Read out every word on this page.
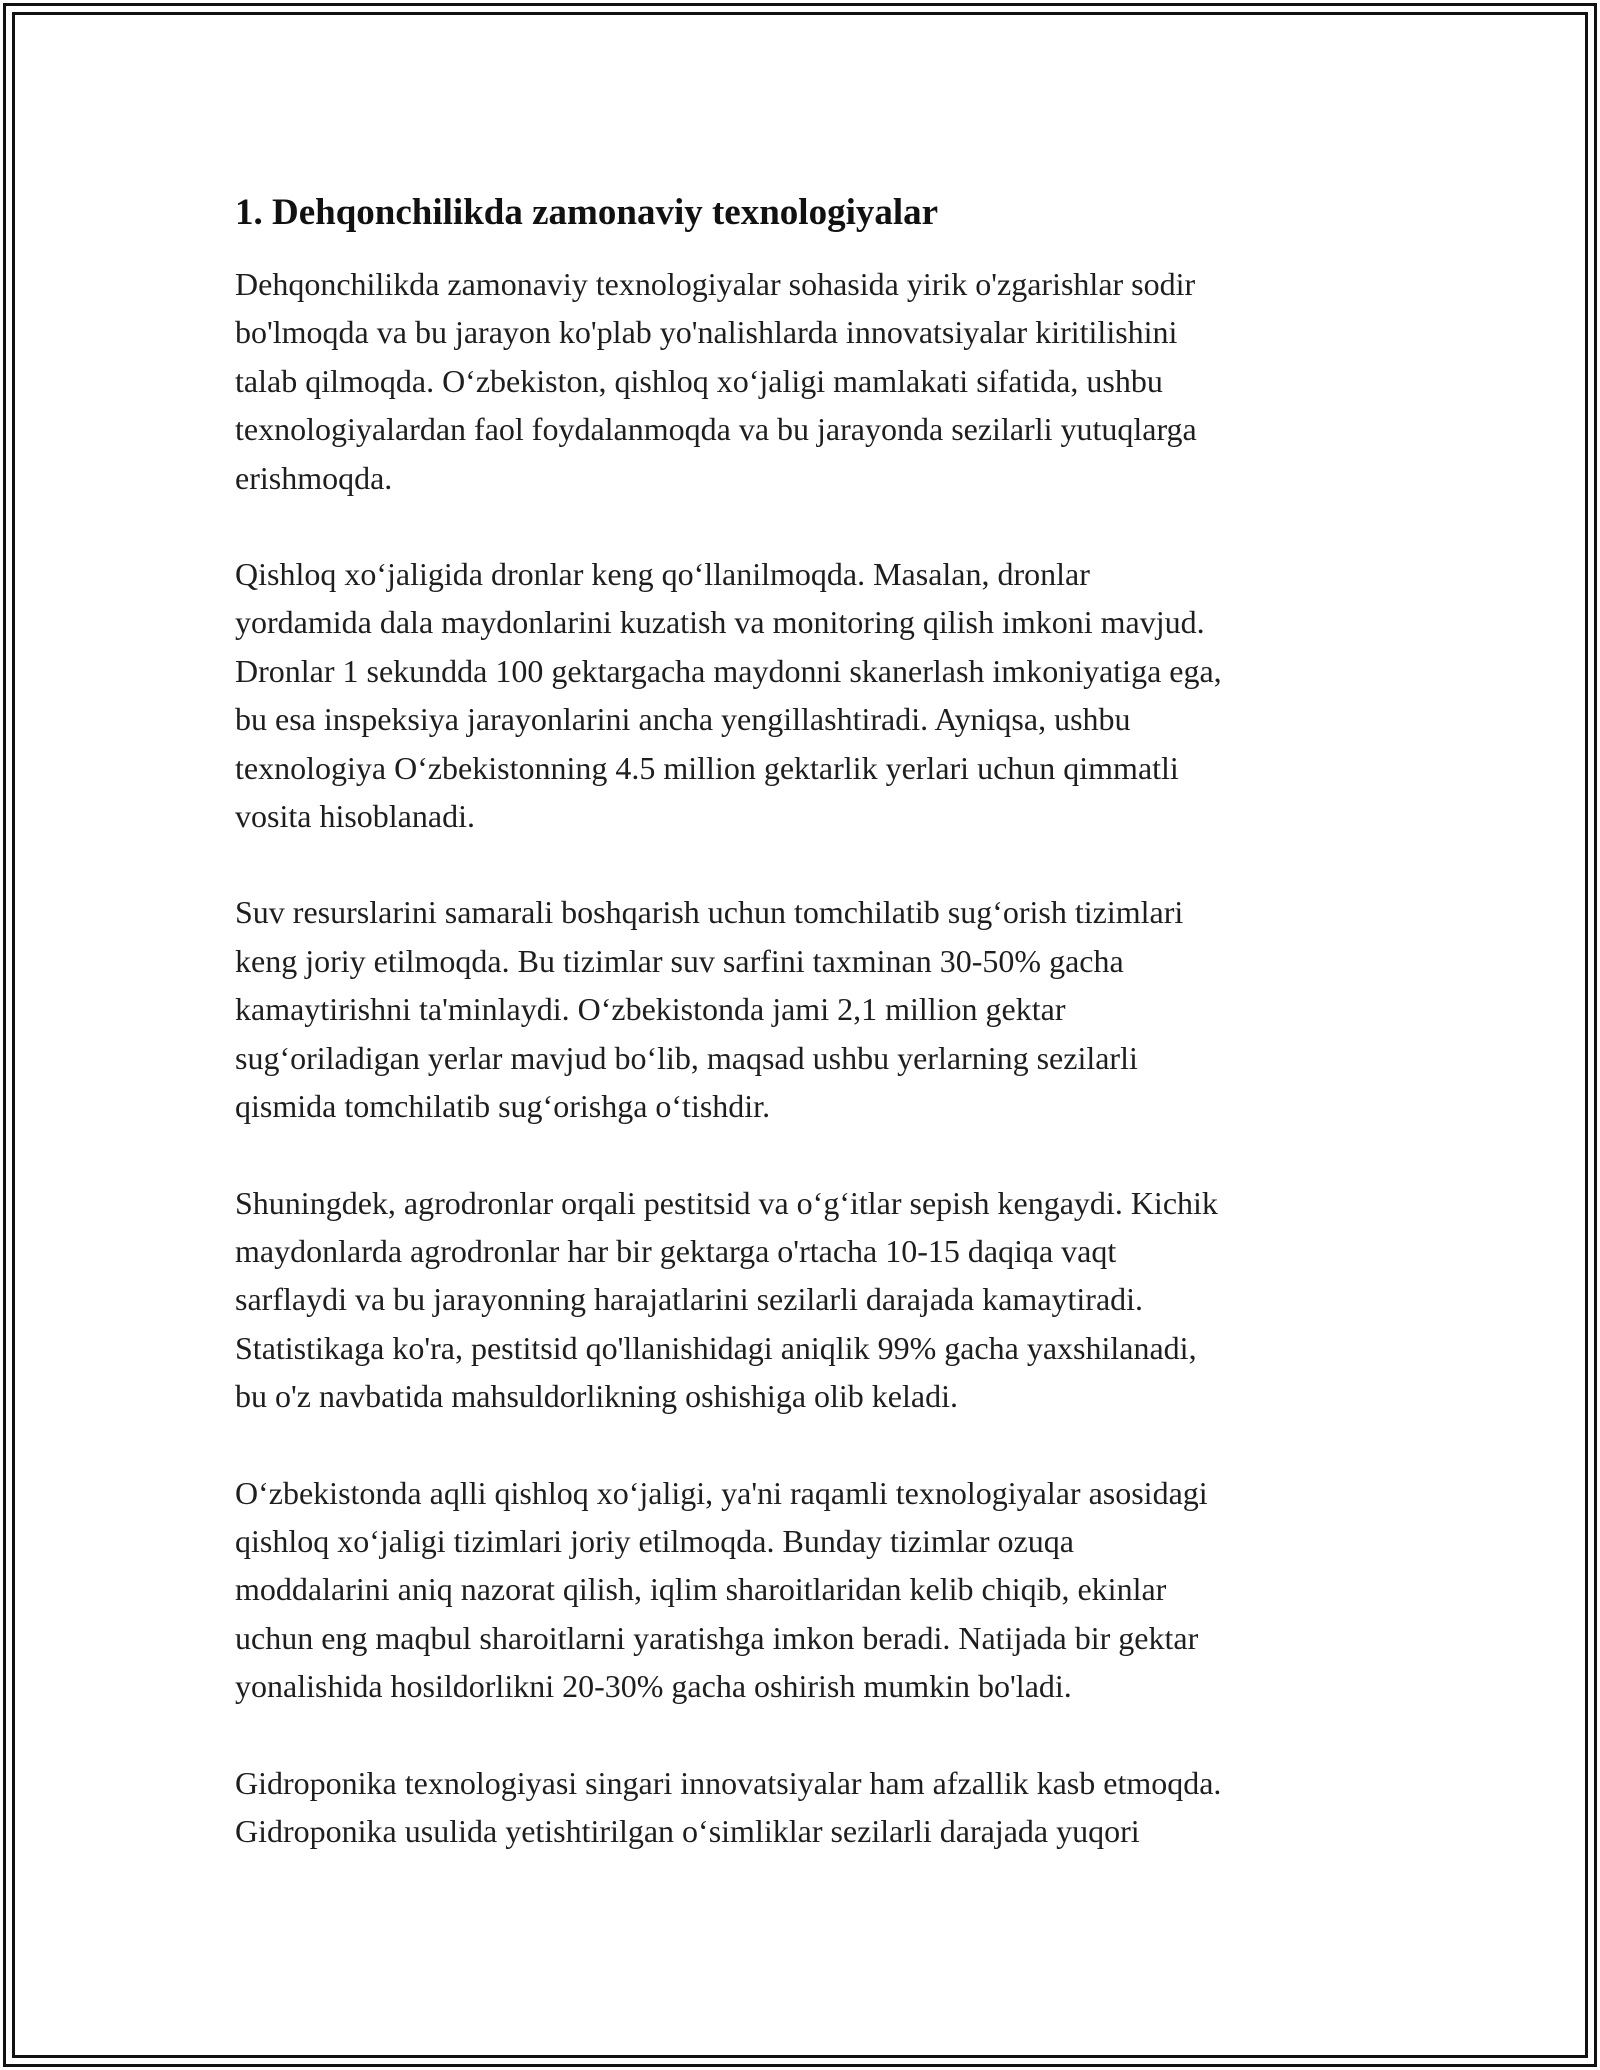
1. Dehqonchilikda zamonaviy texnologiyalar

Dehqonchilikda zamonaviy texnologiyalar sohasida yirik o'zgarishlar sodir
bo'lmoqda va bu jarayon ko'plab yo'nalishlarda innovatsiyalar kiritilishini
talab qilmoqda. O‘zbekiston, qishloq xo‘jaligi mamlakati sifatida, ushbu
texnologiyalardan faol foydalanmoqda va bu jarayonda sezilarli yutuqlarga
erishmoqda.

Qishloq xo‘jaligida dronlar keng qo‘llanilmoqda. Masalan, dronlar
yordamida dala maydonlarini kuzatish va monitoring qilish imkoni mavjud.
Dronlar 1 sekundda 100 gektargacha maydonni skanerlash imkoniyatiga ega,
bu esa inspeksiya jarayonlarini ancha yengillashtiradi. Ayniqsa, ushbu
texnologiya O‘zbekistonning 4.5 million gektarlik yerlari uchun qimmatli
vosita hisoblanadi.

Suv resurslarini samarali boshqarish uchun tomchilatib sug‘orish tizimlari
keng joriy etilmoqda. Bu tizimlar suv sarfini taxminan 30-50% gacha
kamaytirishni ta'minlaydi. O‘zbekistonda jami 2,1 million gektar
sug‘oriladigan yerlar mavjud bo‘lib, maqsad ushbu yerlarning sezilarli
qismida tomchilatib sug‘orishga o‘tishdir.

Shuningdek, agrodronlar orqali pestitsid va o‘g‘itlar sepish kengaydi. Kichik
maydonlarda agrodronlar har bir gektarga o'rtacha 10-15 daqiqa vaqt
sarflaydi va bu jarayonning harajatlarini sezilarli darajada kamaytiradi.
Statistikaga ko'ra, pestitsid qo'llanishidagi aniqlik 99% gacha yaxshilanadi,
bu o'z navbatida mahsuldorlikning oshishiga olib keladi.

O‘zbekistonda aqlli qishloq xo‘jaligi, ya'ni raqamli texnologiyalar asosidagi
qishloq xo‘jaligi tizimlari joriy etilmoqda. Bunday tizimlar ozuqa
moddalarini aniq nazorat qilish, iqlim sharoitlaridan kelib chiqib, ekinlar
uchun eng maqbul sharoitlarni yaratishga imkon beradi. Natijada bir gektar
yonalishida hosildorlikni 20-30% gacha oshirish mumkin bo'ladi.

Gidroponika texnologiyasi singari innovatsiyalar ham afzallik kasb etmoqda.
Gidroponika usulida yetishtirilgan o‘simliklar sezilarli darajada yuqori
